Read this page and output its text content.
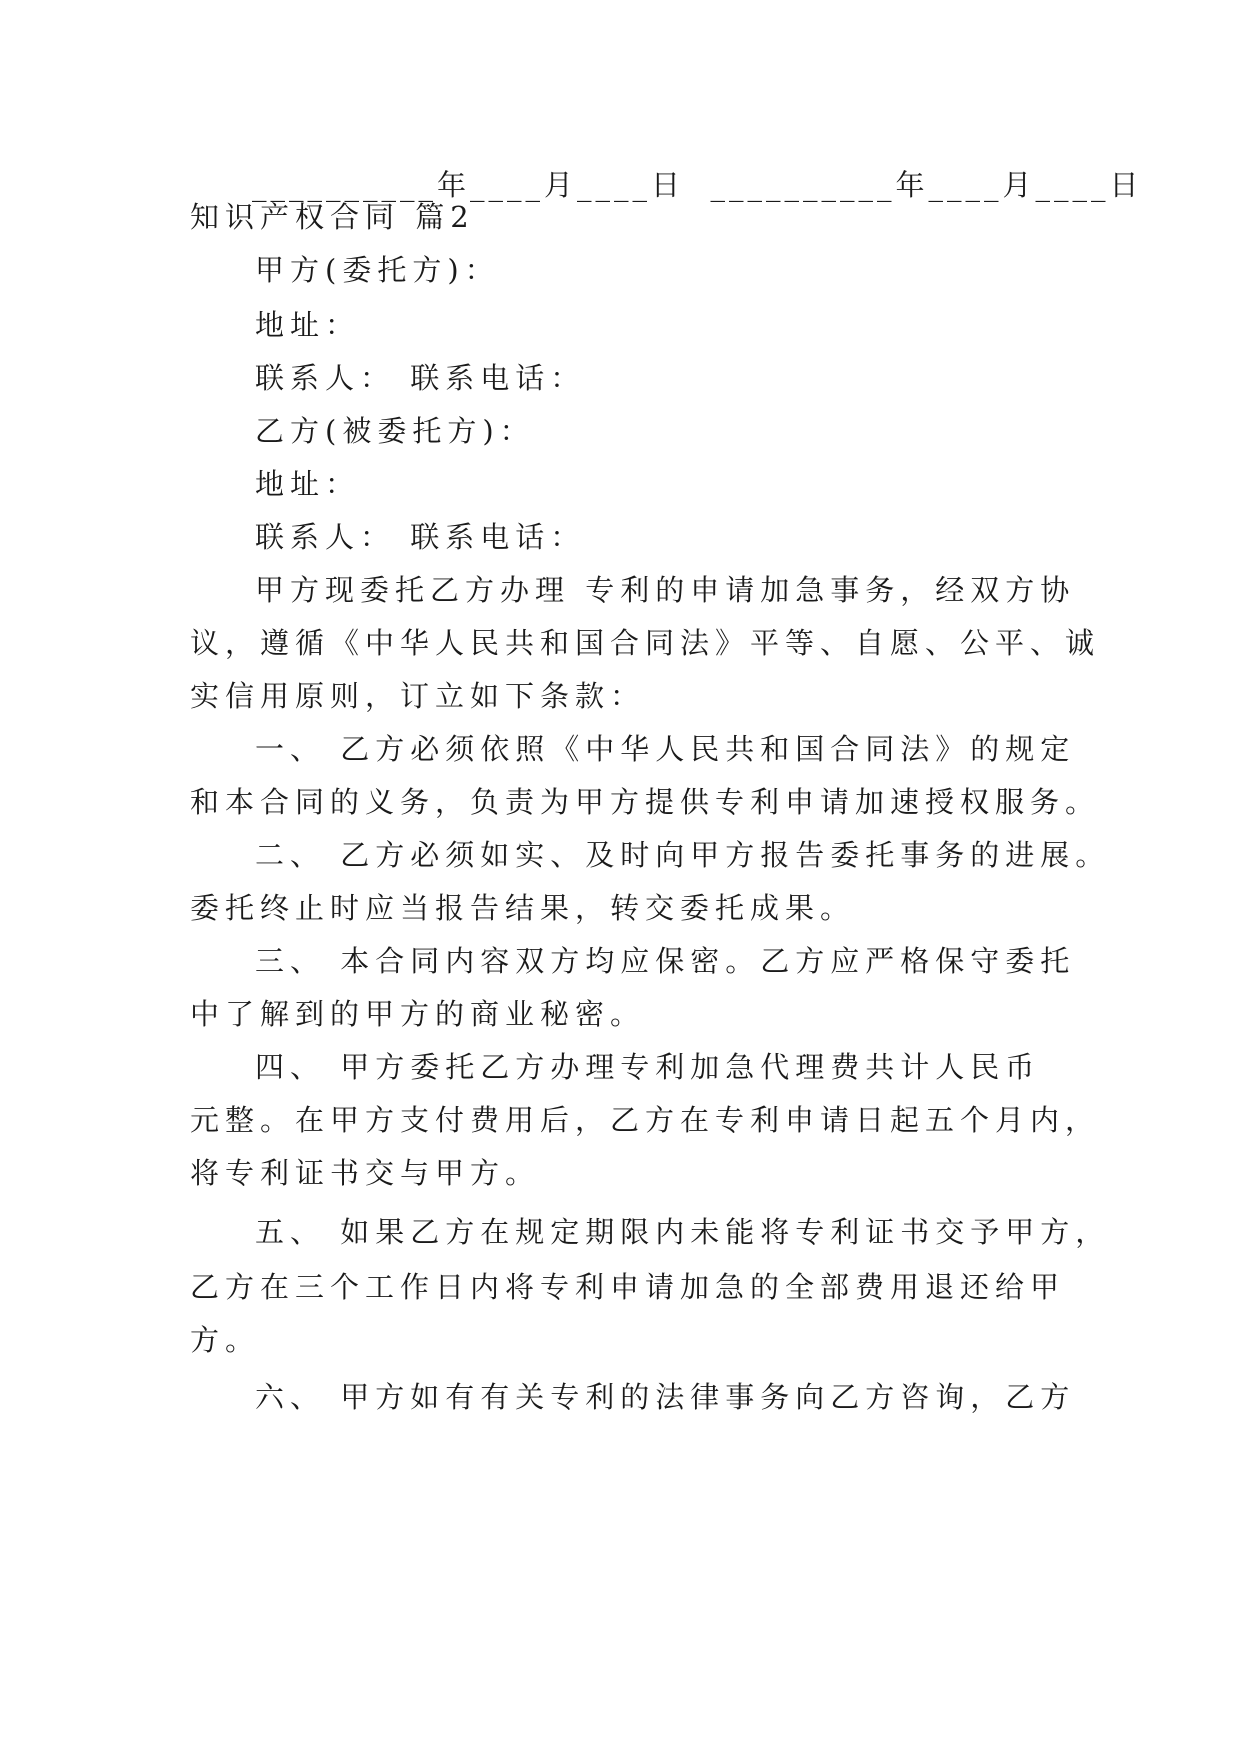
__________年____月____日 __________年____月____日
知识产权合同 篇2
甲方(委托方)：
地址：
联系人： 联系电话：
乙方(被委托方)：
地址：
联系人： 联系电话：
甲方现委托乙方办理 专利的申请加急事务，经双方协
议，遵循《中华人民共和国合同法》平等、自愿、公平、诚
实信用原则，订立如下条款：
一、 乙方必须依照《中华人民共和国合同法》的规定
和本合同的义务，负责为甲方提供专利申请加速授权服务。
二、 乙方必须如实、及时向甲方报告委托事务的进展。
委托终止时应当报告结果，转交委托成果。
三、 本合同内容双方均应保密。乙方应严格保守委托
中了解到的甲方的商业秘密。
四、 甲方委托乙方办理专利加急代理费共计人民币
元整。在甲方支付费用后，乙方在专利申请日起五个月内，
将专利证书交与甲方。
五、 如果乙方在规定期限内未能将专利证书交予甲方，
乙方在三个工作日内将专利申请加急的全部费用退还给甲
方。
六、 甲方如有有关专利的法律事务向乙方咨询，乙方
